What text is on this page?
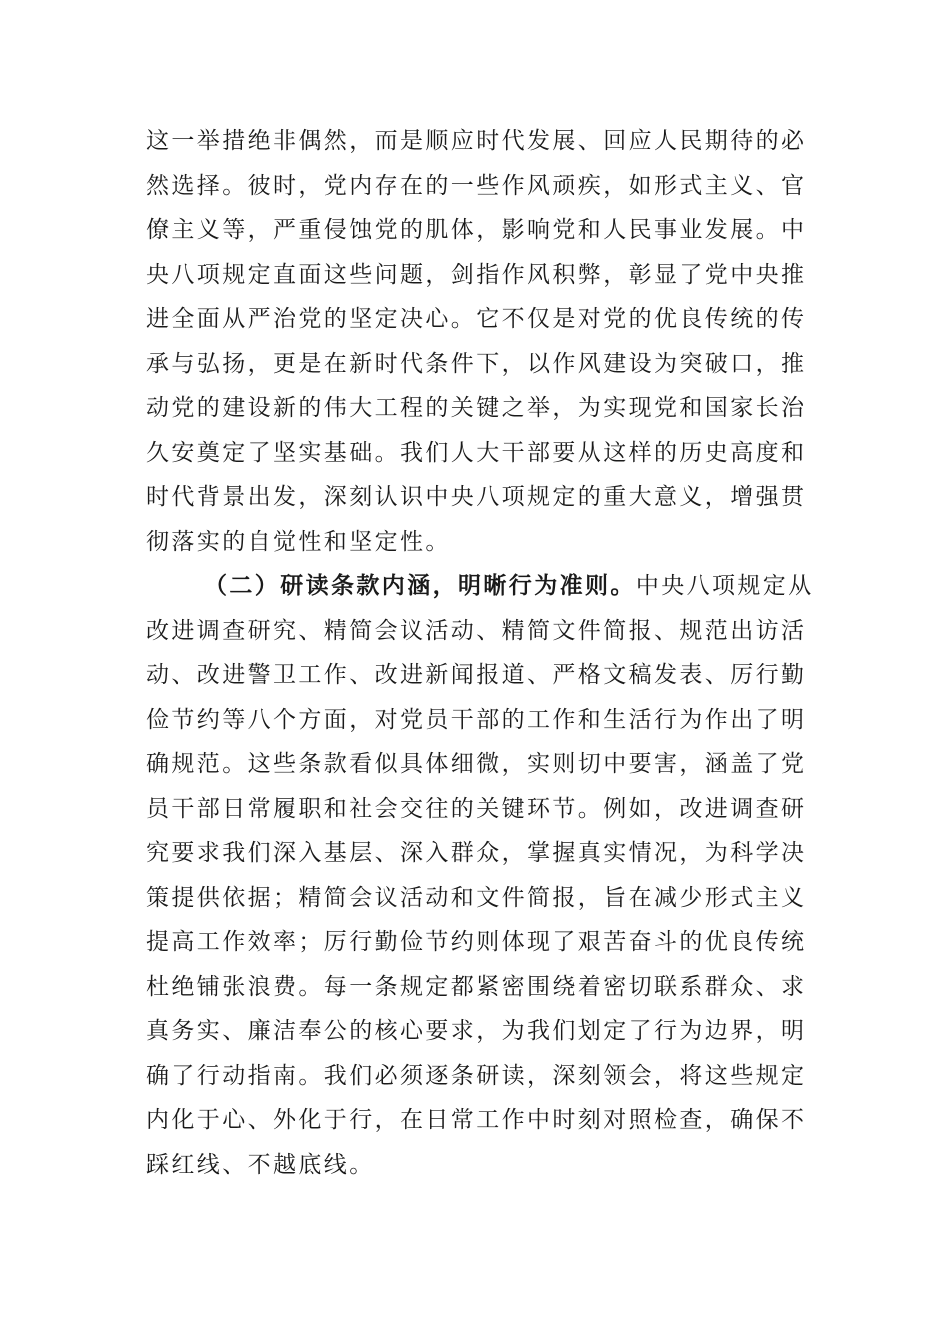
这一举措绝非偶然，而是顺应时代发展、回应人民期待的必
然选择。彼时，党内存在的一些作风顽疾，如形式主义、官
僚主义等，严重侵蚀党的肌体，影响党和人民事业发展。中
央八项规定直面这些问题，剑指作风积弊，彰显了党中央推
进全面从严治党的坚定决心。它不仅是对党的优良传统的传
承与弘扬，更是在新时代条件下，以作风建设为突破口，推
动党的建设新的伟大工程的关键之举，为实现党和国家长治
久安奠定了坚实基础。我们人大干部要从这样的历史高度和
时代背景出发，深刻认识中央八项规定的重大意义，增强贯
彻落实的自觉性和坚定性。
（二）研读条款内涵，明晰行为准则。中央八项规定从
改进调查研究、精简会议活动、精简文件简报、规范出访活
动、改进警卫工作、改进新闻报道、严格文稿发表、厉行勤
俭节约等八个方面，对党员干部的工作和生活行为作出了明
确规范。这些条款看似具体细微，实则切中要害，涵盖了党
员干部日常履职和社会交往的关键环节。例如，改进调查研
究要求我们深入基层、深入群众，掌握真实情况，为科学决
策提供依据；精简会议活动和文件简报，旨在减少形式主义
提高工作效率；厉行勤俭节约则体现了艰苦奋斗的优良传统
杜绝铺张浪费。每一条规定都紧密围绕着密切联系群众、求
真务实、廉洁奉公的核心要求，为我们划定了行为边界，明
确了行动指南。我们必须逐条研读，深刻领会，将这些规定
内化于心、外化于行，在日常工作中时刻对照检查，确保不
踩红线、不越底线。
